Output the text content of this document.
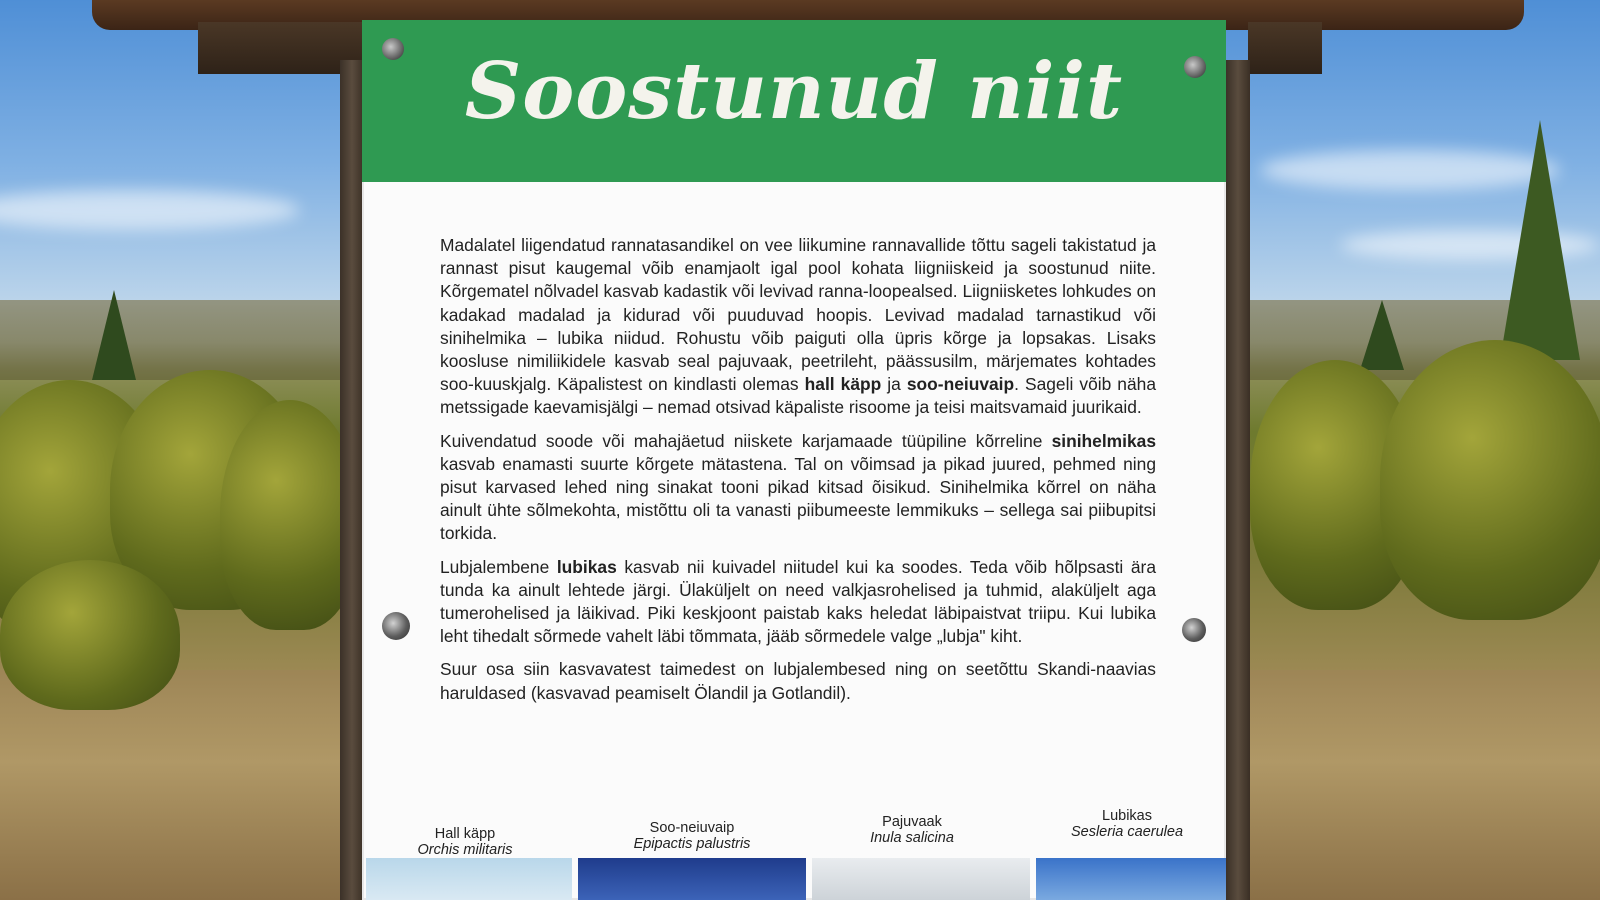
Soostunud niit

Madalatel liigendatud rannatasandikel on vee liikumine rannavallide tõttu sageli takistatud ja rannast pisut kaugemal võib enamjaolt igal pool kohata liigniiskeid ja soostunud niite. Kõrgematel nõlvadel kasvab kadastik või levivad ranna-loopealsed. Liigniisketes lohkudes on kadakad madalad ja kidurad või puuduvad hoopis. Levivad madalad tarnastikud või sinihelmika – lubika niidud. Rohustu võib paiguti olla üpris kõrge ja lopsakas. Lisaks koosluse nimiliikidele kasvab seal pajuvaak, peetrileht, päässusilm, märjemates kohtades soo-kuuskjalg. Käpalistest on kindlasti olemas hall käpp ja soo-neiuvaip. Sageli võib näha metssigade kaevamisjälgi – nemad otsivad käpaliste risoome ja teisi maitsvamaid juurikaid.

Kuivendatud soode või mahajäetud niiskete karjamaade tüüpiline kõrreline sinihelmikas kasvab enamasti suurte kõrgete mätastena. Tal on võimsad ja pikad juured, pehmed ning pisut karvased lehed ning sinakat tooni pikad kitsad õisikud. Sinihelmika kõrrel on näha ainult ühte sõlmekohta, mistõttu oli ta vanasti piibumeeste lemmikuks – sellega sai piibupitsi torkida.

Lubjalembene lubikas kasvab nii kuivadel niitudel kui ka soodes. Teda võib hõlpsasti ära tunda ka ainult lehtede järgi. Ülaküljelt on need valkjasrohelised ja tuhmid, alaküljelt aga tumerohelised ja läikivad. Piki keskjoont paistab kaks heledat läbipaistvat triipu. Kui lubika leht tihedalt sõrmede vahelt läbi tõmmata, jääb sõrmedele valge „lubja" kiht.

Suur osa siin kasvavatest taimedest on lubjalembesed ning on seetõttu Skandi-naavias haruldased (kasvavad peamiselt Ölandil ja Gotlandil).

Hall käpp
Orchis militaris
Soo-neiuvaip
Epipactis palustris
Pajuvaak
Inula salicina
Lubikas
Sesleria caerulea
